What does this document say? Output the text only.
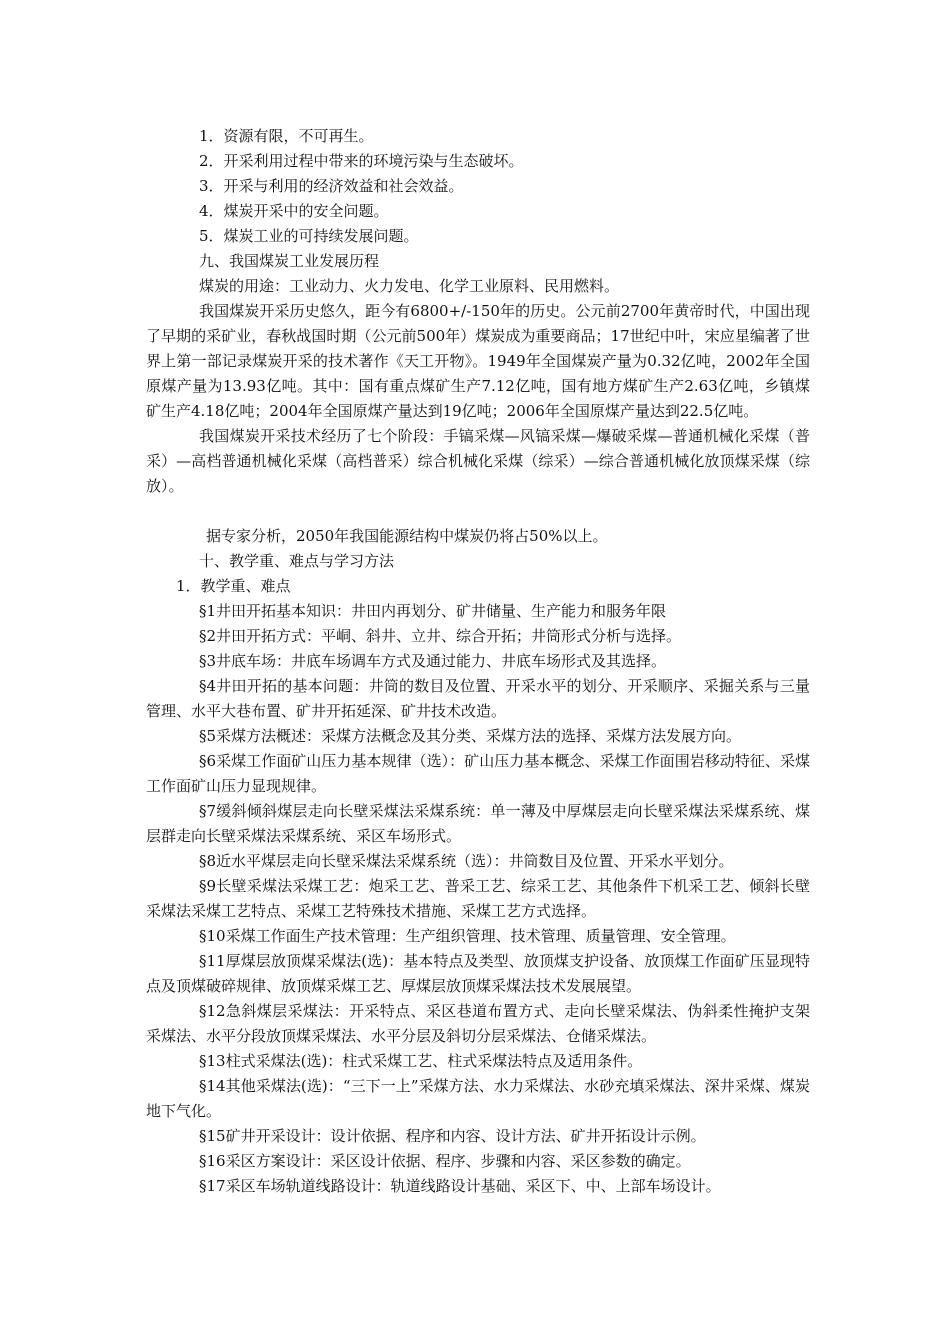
1．资源有限，不可再生。

2．开采利用过程中带来的环境污染与生态破坏。

3．开采与利用的经济效益和社会效益。

4．煤炭开采中的安全问题。

5．煤炭工业的可持续发展问题。

九、我国煤炭工业发展历程

煤炭的用途：工业动力、火力发电、化学工业原料、民用燃料。

我国煤炭开采历史悠久，距今有6800+/-150年的历史。公元前2700年黄帝时代，中国出现了早期的采矿业，春秋战国时期（公元前500年）煤炭成为重要商品；17世纪中叶，宋应星编著了世界上第一部记录煤炭开采的技术著作《天工开物》。1949年全国煤炭产量为0.32亿吨，2002年全国原煤产量为13.93亿吨。其中：国有重点煤矿生产7.12亿吨，国有地方煤矿生产2.63亿吨，乡镇煤矿生产4.18亿吨；2004年全国原煤产量达到19亿吨；2006年全国原煤产量达到22.5亿吨。

我国煤炭开采技术经历了七个阶段：手镐采煤—风镐采煤—爆破采煤—普通机械化采煤（普采）—高档普通机械化采煤（高档普采）综合机械化采煤（综采）—综合普通机械化放顶煤采煤（综放）。

据专家分析，2050年我国能源结构中煤炭仍将占50%以上。

十、教学重、难点与学习方法

1．教学重、难点

§1井田开拓基本知识：井田内再划分、矿井储量、生产能力和服务年限

§2井田开拓方式：平峒、斜井、立井、综合开拓；井筒形式分析与选择。

§3井底车场：井底车场调车方式及通过能力、井底车场形式及其选择。

§4井田开拓的基本问题：井筒的数目及位置、开采水平的划分、开采顺序、采掘关系与三量管理、水平大巷布置、矿井开拓延深、矿井技术改造。

§5采煤方法概述：采煤方法概念及其分类、采煤方法的选择、采煤方法发展方向。

§6采煤工作面矿山压力基本规律（选）：矿山压力基本概念、采煤工作面围岩移动特征、采煤工作面矿山压力显现规律。

§7缓斜倾斜煤层走向长壁采煤法采煤系统：单一薄及中厚煤层走向长壁采煤法采煤系统、煤层群走向长壁采煤法采煤系统、采区车场形式。

§8近水平煤层走向长壁采煤法采煤系统（选）：井筒数目及位置、开采水平划分。

§9长壁采煤法采煤工艺：炮采工艺、普采工艺、综采工艺、其他条件下机采工艺、倾斜长壁采煤法采煤工艺特点、采煤工艺特殊技术措施、采煤工艺方式选择。

§10采煤工作面生产技术管理：生产组织管理、技术管理、质量管理、安全管理。

§11厚煤层放顶煤采煤法(选)：基本特点及类型、放顶煤支护设备、放顶煤工作面矿压显现特点及顶煤破碎规律、放顶煤采煤工艺、厚煤层放顶煤采煤法技术发展展望。

§12急斜煤层采煤法：开采特点、采区巷道布置方式、走向长壁采煤法、伪斜柔性掩护支架采煤法、水平分段放顶煤采煤法、水平分层及斜切分层采煤法、仓储采煤法。

§13柱式采煤法(选)：柱式采煤工艺、柱式采煤法特点及适用条件。

§14其他采煤法(选)：“三下一上”采煤方法、水力采煤法、水砂充填采煤法、深井采煤、煤炭地下气化。

§15矿井开采设计：设计依据、程序和内容、设计方法、矿井开拓设计示例。

§16采区方案设计：采区设计依据、程序、步骤和内容、采区参数的确定。

§17采区车场轨道线路设计：轨道线路设计基础、采区下、中、上部车场设计。
